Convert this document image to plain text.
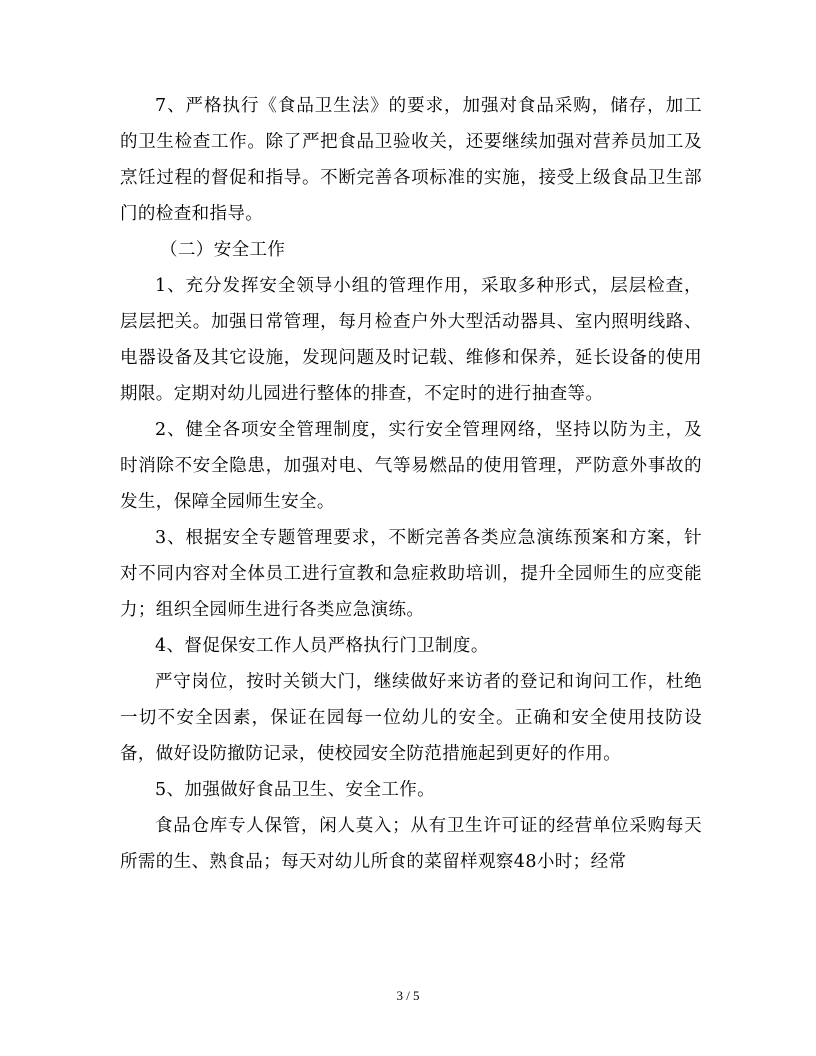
7、严格执行《食品卫生法》的要求，加强对食品采购，储存，加工的卫生检查工作。除了严把食品卫验收关，还要继续加强对营养员加工及烹饪过程的督促和指导。不断完善各项标准的实施，接受上级食品卫生部门的检查和指导。

（二）安全工作

1、充分发挥安全领导小组的管理作用，采取多种形式，层层检查，层层把关。加强日常管理，每月检查户外大型活动器具、室内照明线路、电器设备及其它设施，发现问题及时记载、维修和保养，延长设备的使用期限。定期对幼儿园进行整体的排查，不定时的进行抽查等。

2、健全各项安全管理制度，实行安全管理网络，坚持以防为主，及时消除不安全隐患，加强对电、气等易燃品的使用管理，严防意外事故的发生，保障全园师生安全。

3、根据安全专题管理要求，不断完善各类应急演练预案和方案，针对不同内容对全体员工进行宣教和急症救助培训，提升全园师生的应变能力；组织全园师生进行各类应急演练。

4、督促保安工作人员严格执行门卫制度。

严守岗位，按时关锁大门，继续做好来访者的登记和询问工作，杜绝一切不安全因素，保证在园每一位幼儿的安全。正确和安全使用技防设备，做好设防撤防记录，使校园安全防范措施起到更好的作用。

5、加强做好食品卫生、安全工作。

食品仓库专人保管，闲人莫入；从有卫生许可证的经营单位采购每天所需的生、熟食品；每天对幼儿所食的菜留样观察48小时；经常

3 / 5
